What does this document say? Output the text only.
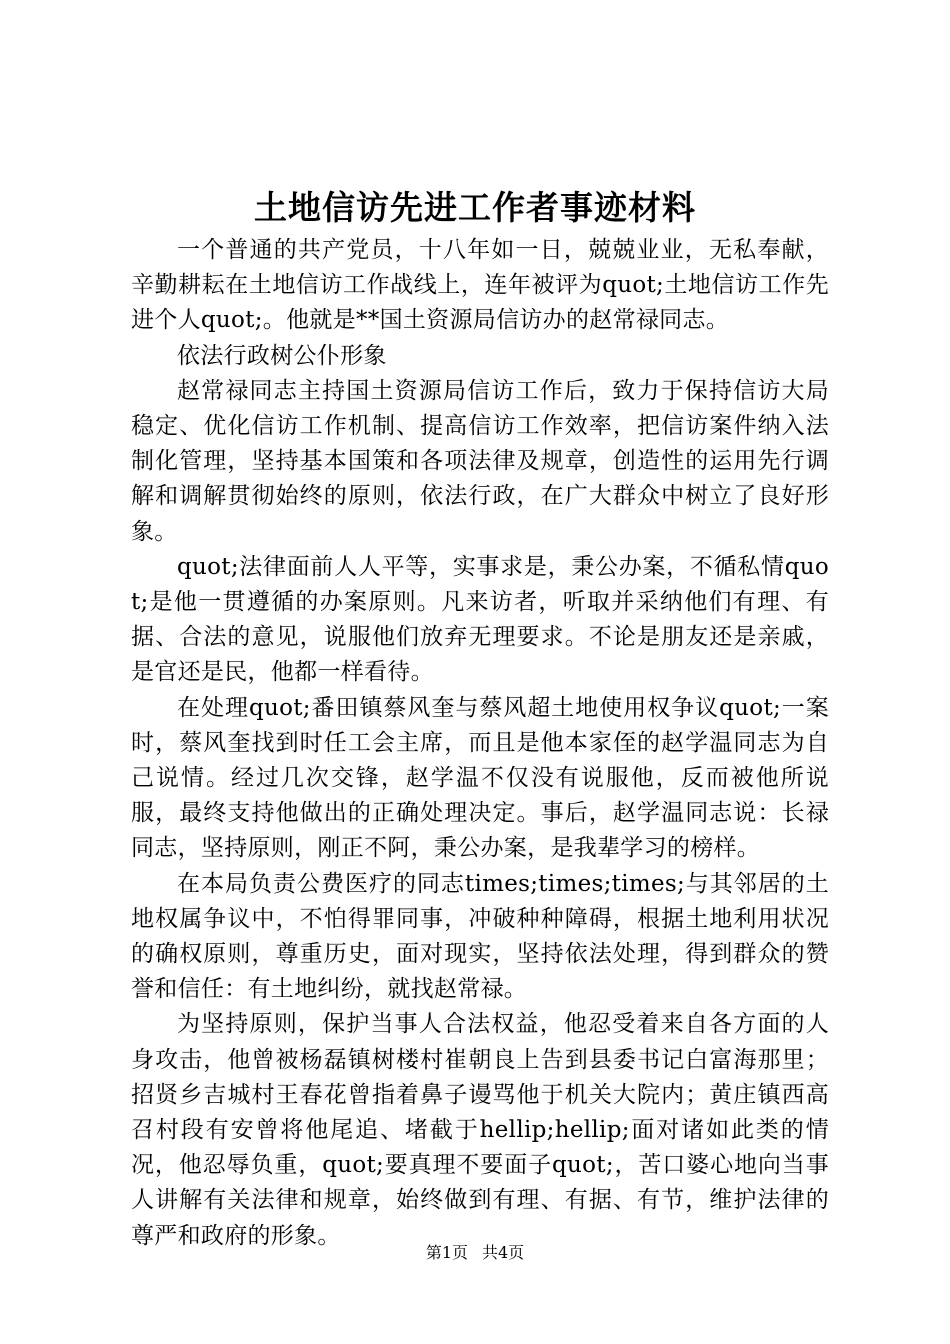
土地信访先进工作者事迹材料

一个普通的共产党员，十八年如一日，兢兢业业，无私奉献，辛勤耕耘在土地信访工作战线上，连年被评为quot;土地信访工作先进个人quot;。他就是**国土资源局信访办的赵常禄同志。

依法行政树公仆形象

赵常禄同志主持国土资源局信访工作后，致力于保持信访大局稳定、优化信访工作机制、提高信访工作效率，把信访案件纳入法制化管理，坚持基本国策和各项法律及规章，创造性的运用先行调解和调解贯彻始终的原则，依法行政，在广大群众中树立了良好形象。

quot;法律面前人人平等，实事求是，秉公办案，不循私情quot;是他一贯遵循的办案原则。凡来访者，听取并采纳他们有理、有据、合法的意见，说服他们放弃无理要求。不论是朋友还是亲戚，是官还是民，他都一样看待。

在处理quot;番田镇蔡风奎与蔡风超土地使用权争议quot;一案时，蔡风奎找到时任工会主席，而且是他本家侄的赵学温同志为自己说情。经过几次交锋，赵学温不仅没有说服他，反而被他所说服，最终支持他做出的正确处理决定。事后，赵学温同志说：长禄同志，坚持原则，刚正不阿，秉公办案，是我辈学习的榜样。

在本局负责公费医疗的同志times;times;times;与其邻居的土地权属争议中，不怕得罪同事，冲破种种障碍，根据土地利用状况的确权原则，尊重历史，面对现实，坚持依法处理，得到群众的赞誉和信任：有土地纠纷，就找赵常禄。

为坚持原则，保护当事人合法权益，他忍受着来自各方面的人身攻击，他曾被杨磊镇树楼村崔朝良上告到县委书记白富海那里；招贤乡吉城村王春花曾指着鼻子谩骂他于机关大院内；黄庄镇西高召村段有安曾将他尾追、堵截于hellip;hellip;面对诸如此类的情况，他忍辱负重，quot;要真理不要面子quot;，苦口婆心地向当事人讲解有关法律和规章，始终做到有理、有据、有节，维护法律的尊严和政府的形象。

第1页 共4页
